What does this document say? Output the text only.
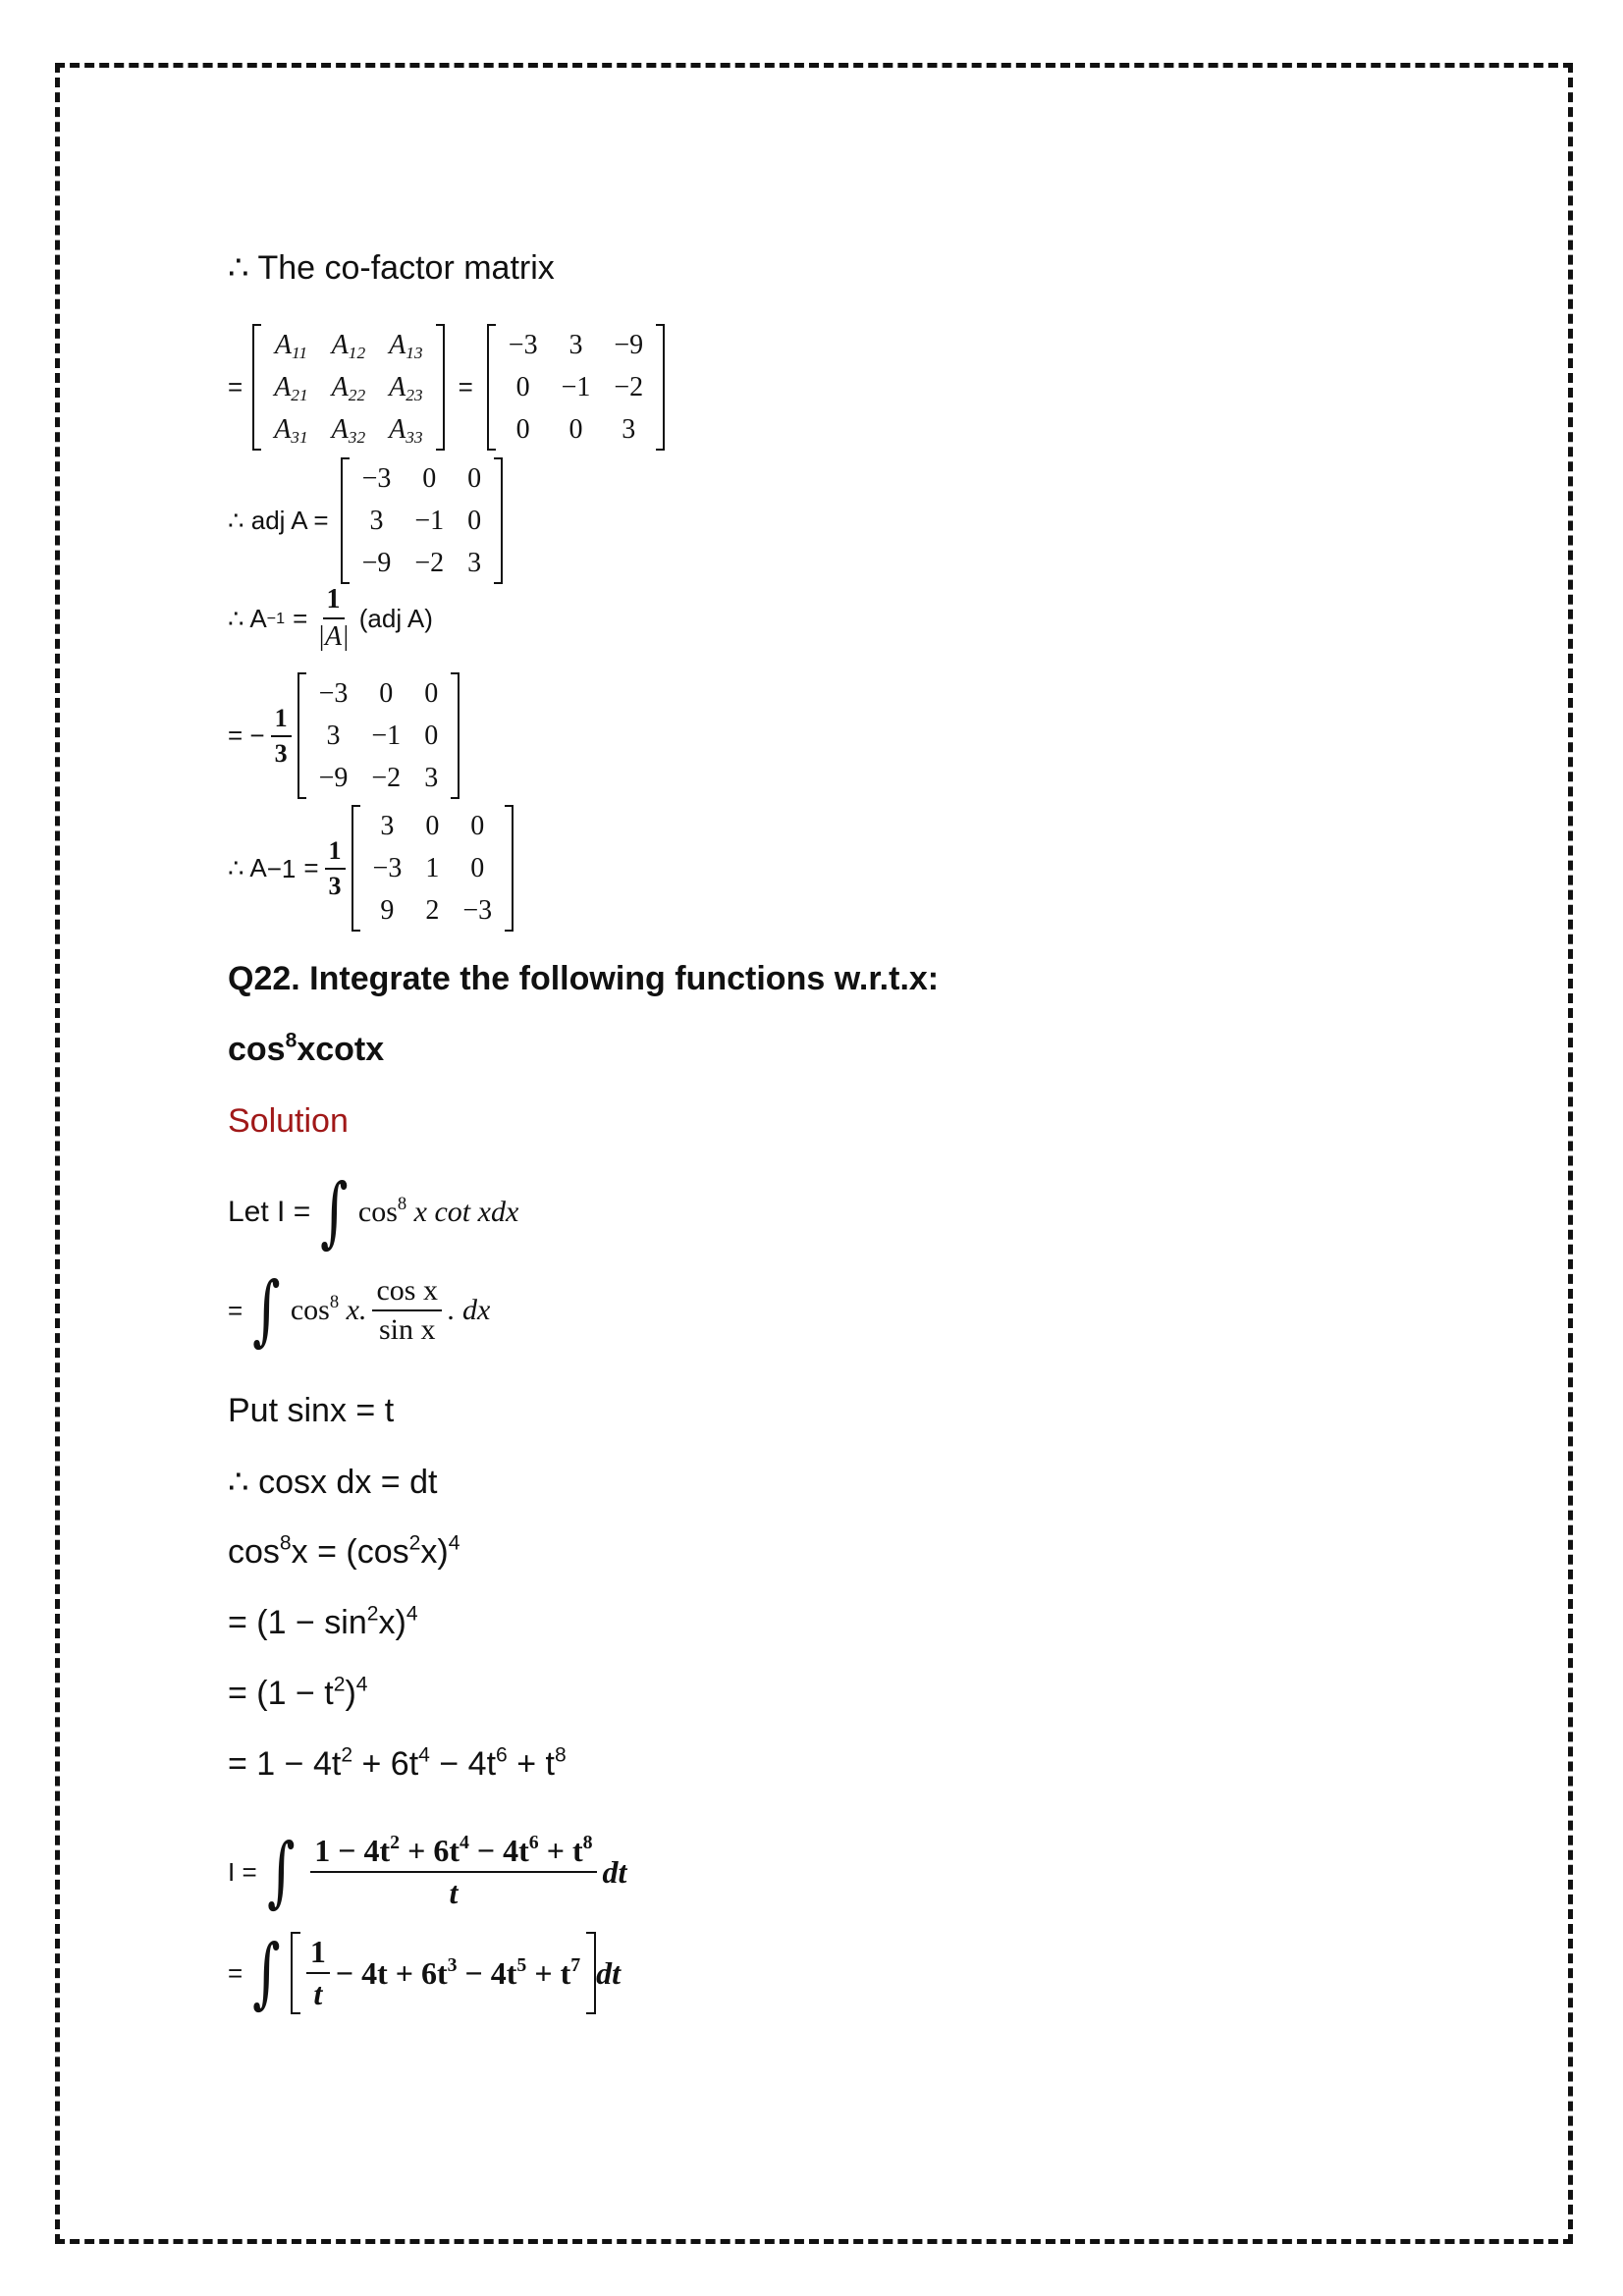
∴ The co-factor matrix
=
$A_{11}$	$A_{12}$	$A_{13}$
$A_{21}$	$A_{22}$	$A_{23}$
$A_{31}$	$A_{32}$	$A_{33}$
=
−3	3	−9
0	−1	−2
0	0	3
∴ adj A =
−3	0	0
3	−1	0
−9	−2	3
∴ $A -1 = \frac{1}{|A|} (adj$ A)
= − $\frac{1}{3}$
−3	0	0
3	−1	0
−9	−2	3
∴ $A -1 = \frac{1}{3}$
3	0	0
−3	1	0
9	2	−3
Q22. Integrate the following functions w.r.t.x:
$\cos^8xcotx$
Solution
Let I = ∫ $\cos^8 x$ cot xdx
= ∫ $\cos^8 x$. $\frac{\text{cos x}}{\text{sin x}}$ . dx
Put sinx = t
∴ cosx dx = dt
$\cos^8x = (\cos^2x)^4$
= $(1 - \sin^2x)^4$
= $(1 - t^2)^4$
= $1 - 4t^2 + 6t^4 - 4t^6 + t^8$
I = ∫ $\frac{1 - 4t^2 + 6t^4 - 4t^6 + t^8}{t}$ dt
= ∫ $\frac{1}{t} - 4t + 6t^3 - 4t^5 + t^7$ dt
